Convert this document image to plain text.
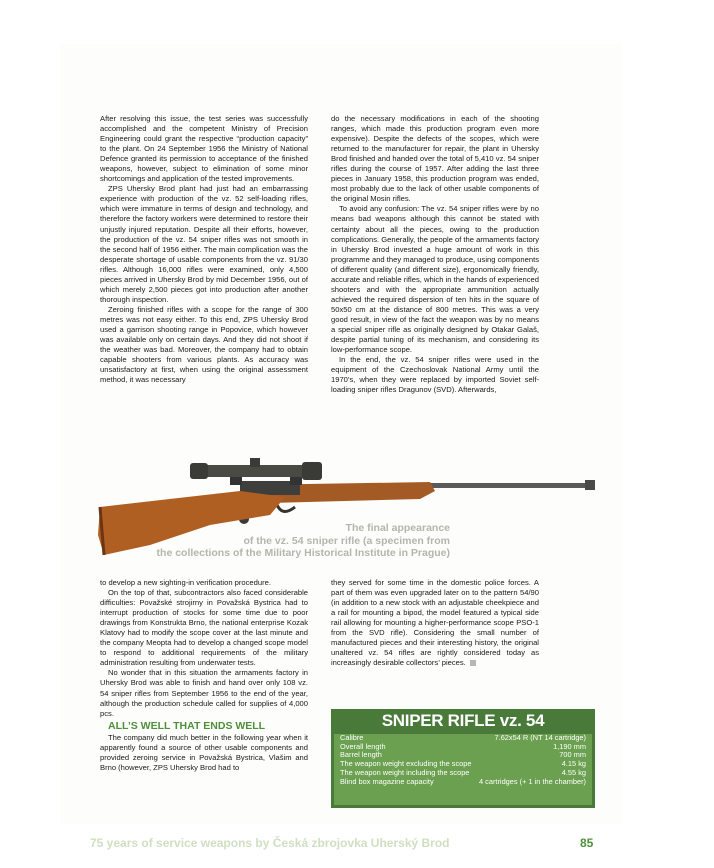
After resolving this issue, the test series was successfully accomplished and the competent Ministry of Precision Engineering could grant the respective “production capacity” to the plant. On 24 September 1956 the Ministry of National Defence granted its permission to acceptance of the finished weapons, however, subject to elimination of some minor shortcomings and application of the tested improvements.

ZPS Uhersky Brod plant had just had an embarrassing experience with production of the vz. 52 self-loading rifles, which were immature in terms of design and technology, and therefore the factory workers were determined to restore their unjustly injured reputation. Despite all their efforts, however, the production of the vz. 54 sniper rifles was not smooth in the second half of 1956 either. The main complication was the desperate shortage of usable components from the vz. 91/30 rifles. Although 16,000 rifles were examined, only 4,500 pieces arrived in Uhersky Brod by mid December 1956, out of which merely 2,500 pieces got into production after another thorough inspection.

Zeroing finished rifles with a scope for the range of 300 metres was not easy either. To this end, ZPS Uhersky Brod used a garrison shooting range in Popovice, which however was available only on certain days. And they did not shoot if the weather was bad. Moreover, the company had to obtain capable shooters from various plants. As accuracy was unsatisfactory at first, when using the original assessment method, it was necessary

do the necessary modifications in each of the shooting ranges, which made this production program even more expensive). Despite the defects of the scopes, which were returned to the manufacturer for repair, the plant in Uhersky Brod finished and handed over the total of 5,410 vz. 54 sniper rifles during the course of 1957. After adding the last three pieces in January 1958, this production program was ended, most probably due to the lack of other usable components of the original Mosin rifles.

To avoid any confusion: The vz. 54 sniper rifles were by no means bad weapons although this cannot be stated with certainty about all the pieces, owing to the production complications. Generally, the people of the armaments factory in Uhersky Brod invested a huge amount of work in this programme and they managed to produce, using components of different quality (and different size), ergonomically friendly, accurate and reliable rifles, which in the hands of experienced shooters and with the appropriate ammunition actually achieved the required dispersion of ten hits in the square of 50x50 cm at the distance of 800 metres. This was a very good result, in view of the fact the weapon was by no means a special sniper rifle as originally designed by Otakar Galaš, despite partial tuning of its mechanism, and considering its low-performance scope.

In the end, the vz. 54 sniper rifles were used in the equipment of the Czechoslovak National Army until the 1970’s, when they were replaced by imported Soviet self-loading sniper rifles Dragunov (SVD). Afterwards,

The final appearance
of the vz. 54 sniper rifle (a specimen from
the collections of the Military Historical Institute in Prague)

to develop a new sighting-in verification procedure.

On the top of that, subcontractors also faced considerable difficulties: Považské strojirny in Považská Bystrica had to interrupt production of stocks for some time due to poor drawings from Konstrukta Brno, the national enterprise Kozak Klatovy had to modify the scope cover at the last minute and the company Meopta had to develop a changed scope model to respond to additional requirements of the military administration resulting from underwater tests.

No wonder that in this situation the armaments factory in Uhersky Brod was able to finish and hand over only 108 vz. 54 sniper rifles from September 1956 to the end of the year, although the production schedule called for supplies of 4,000 pcs.

ALL’S WELL THAT ENDS WELL

The company did much better in the following year when it apparently found a source of other usable components and provided zeroing service in Považská Bystrica, Vlašim and Brno (however, ZPS Uhersky Brod had to

they served for some time in the domestic police forces. A part of them was even upgraded later on to the pattern 54/90 (in addition to a new stock with an adjustable cheekpiece and a rail for mounting a bipod, the model featured a typical side rail allowing for mounting a higher-performance scope PSO-1 from the SVD rifle). Considering the small number of manufactured pieces and their interesting history, the original unaltered vz. 54 rifles are rightly considered today as increasingly desirable collectors’ pieces.

SNIPER RIFLE vz. 54
Calibre	7.62x54 R (NT 14 cartridge)
Overall length	1,190 mm
Barrel length	700 mm
The weapon weight excluding the scope	4.15 kg
The weapon weight including the scope	4.55 kg
Blind box magazine capacity	4 cartridges (+ 1 in the chamber)
75 years of service weapons by Česká zbrojovka Uherský Brod	85
